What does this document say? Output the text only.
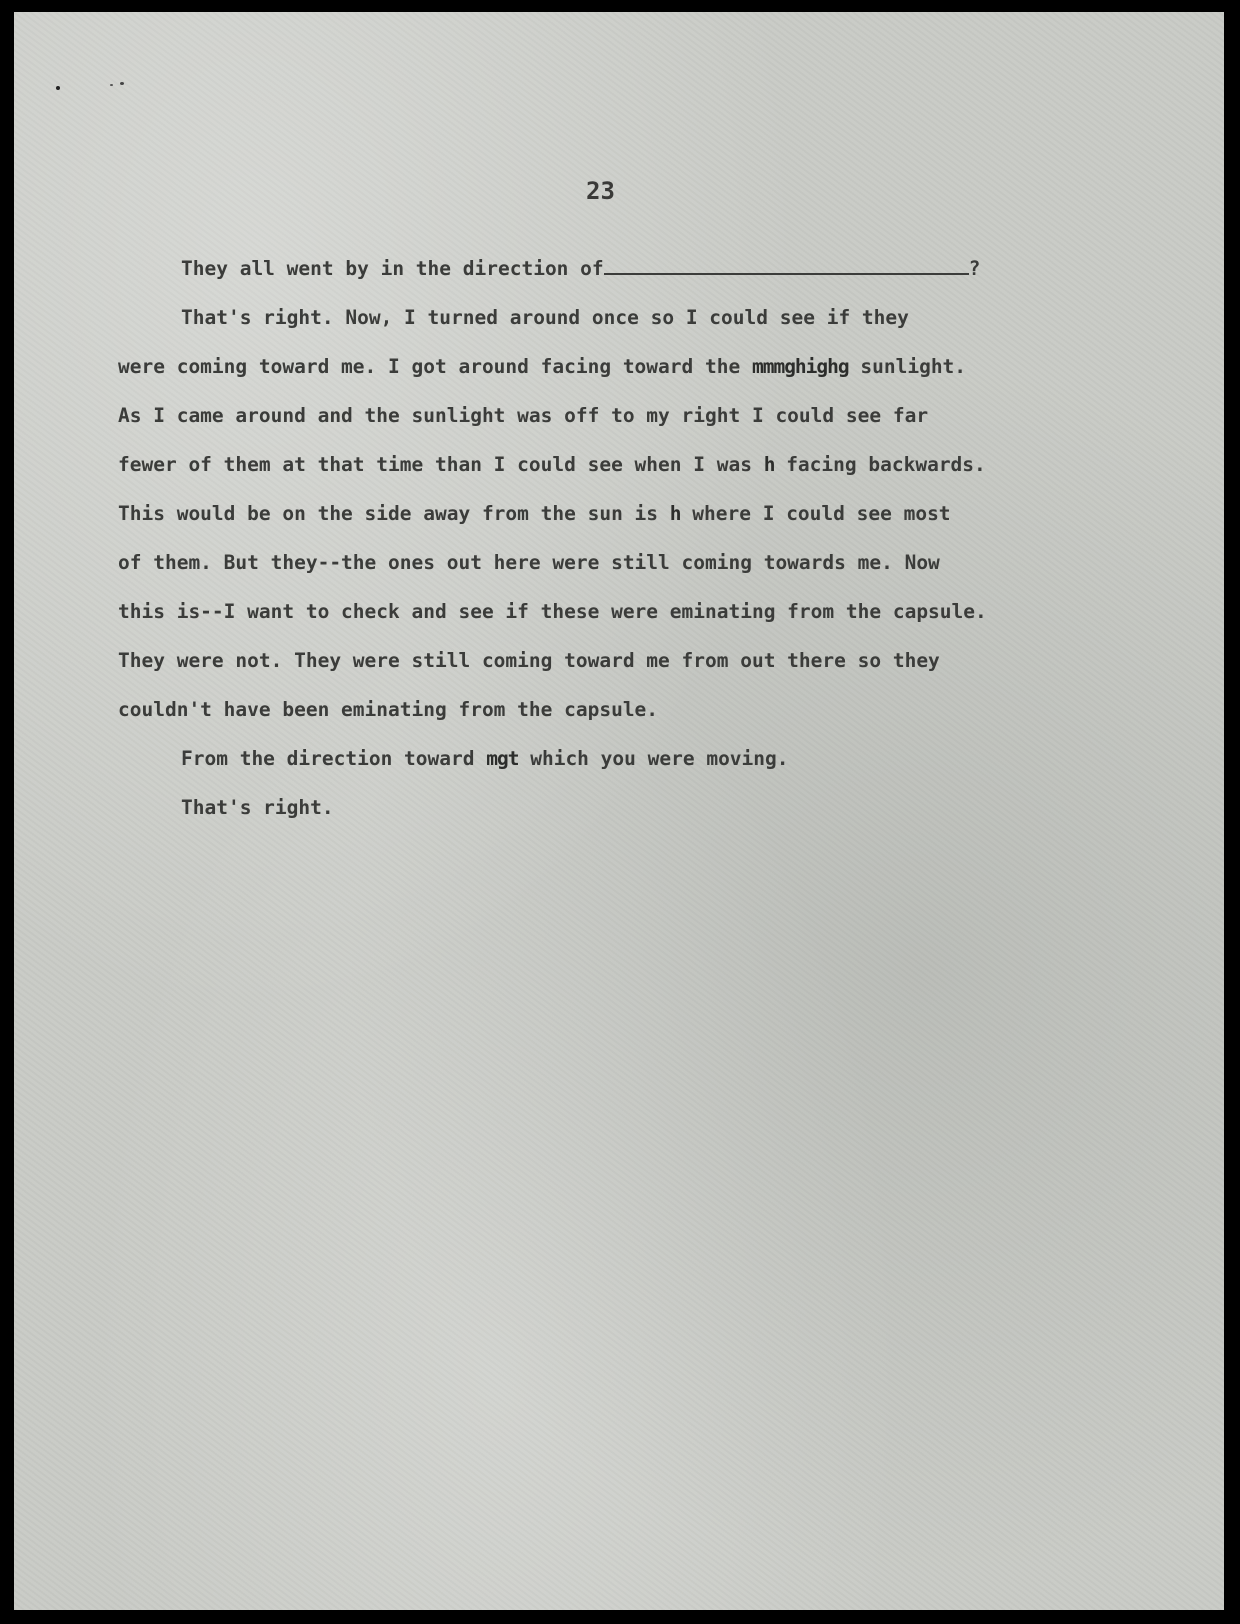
23

They all went by in the direction of	?

That's right. Now, I turned around once so I could see if they

were coming toward me. I got around facing toward the mmmghighg sunlight.

As I came around and the sunlight was off to my right I could see far

fewer of them at that time than I could see when I was h facing backwards.

This would be on the side away from the sun is h where I could see most

of them. But they--the ones out here were still coming towards me. Now

this is--I want to check and see if these were eminating from the capsule.

They were not. They were still coming toward me from out there so they

couldn't have been eminating from the capsule.

From the direction toward mgt which you were moving.

That's right.
